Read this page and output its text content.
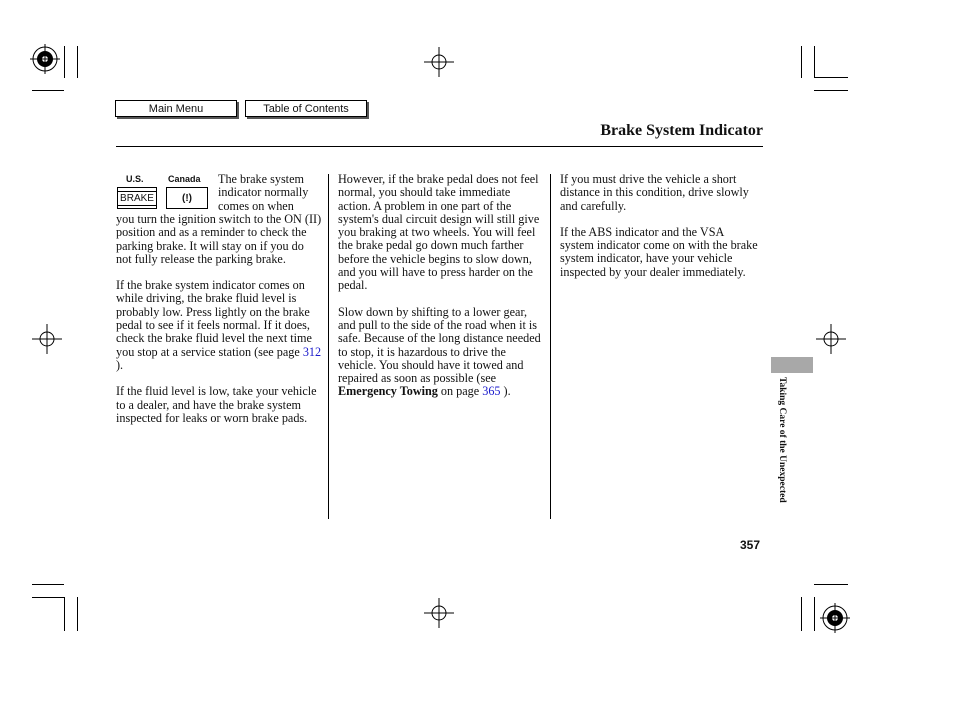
Main Menu	Table of Contents
Brake System Indicator
U.S.	Canada
BRAKE	(!)
The brake system indicator normally comes on when

you turn the ignition switch to the ON (II) position and as a reminder to check the parking brake. It will stay on if you do not fully release the parking brake.

If the brake system indicator comes on while driving, the brake fluid level is probably low. Press lightly on the brake pedal to see if it feels normal. If it does, check the brake fluid level the next time you stop at a service station (see page 312 ).

If the fluid level is low, take your vehicle to a dealer, and have the brake system inspected for leaks or worn brake pads.

However, if the brake pedal does not feel normal, you should take immediate action. A problem in one part of the system's dual circuit design will still give you braking at two wheels. You will feel the brake pedal go down much farther before the vehicle begins to slow down, and you will have to press harder on the pedal.

Slow down by shifting to a lower gear, and pull to the side of the road when it is safe. Because of the long distance needed to stop, it is hazardous to drive the vehicle. You should have it towed and repaired as soon as possible (see Emergency Towing on page 365 ).

If you must drive the vehicle a short distance in this condition, drive slowly and carefully.

If the ABS indicator and the VSA system indicator come on with the brake system indicator, have your vehicle inspected by your dealer immediately.

Taking Care of the Unexpected
357
